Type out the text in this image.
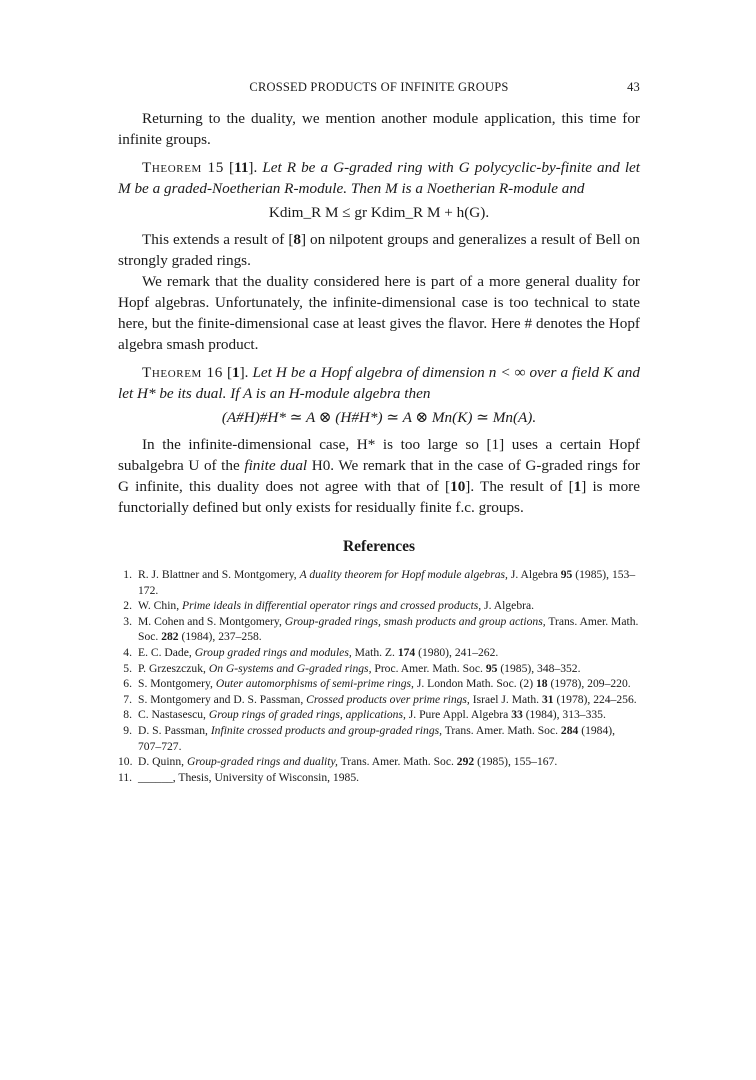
CROSSED PRODUCTS OF INFINITE GROUPS	43

Returning to the duality, we mention another module application, this time for infinite groups.

Theorem 15 [11]. Let R be a G-graded ring with G polycyclic-by-finite and let M be a graded-Noetherian R-module. Then M is a Noetherian R-module and

Kdim_R M ≤ gr Kdim_R M + h(G).

This extends a result of [8] on nilpotent groups and generalizes a result of Bell on strongly graded rings.

We remark that the duality considered here is part of a more general duality for Hopf algebras. Unfortunately, the infinite-dimensional case is too technical to state here, but the finite-dimensional case at least gives the flavor. Here # denotes the Hopf algebra smash product.

Theorem 16 [1]. Let H be a Hopf algebra of dimension n < ∞ over a field K and let H* be its dual. If A is an H-module algebra then

(A#H)#H* ≃ A ⊗ (H#H*) ≃ A ⊗ Mn(K) ≃ Mn(A).

In the infinite-dimensional case, H* is too large so [1] uses a certain Hopf subalgebra U of the finite dual H0. We remark that in the case of G-graded rings for G infinite, this duality does not agree with that of [10]. The result of [1] is more functorially defined but only exists for residually finite f.c. groups.

References
1. R. J. Blattner and S. Montgomery, A duality theorem for Hopf module algebras, J. Algebra 95 (1985), 153–172.
2. W. Chin, Prime ideals in differential operator rings and crossed products, J. Algebra.
3. M. Cohen and S. Montgomery, Group-graded rings, smash products and group actions, Trans. Amer. Math. Soc. 282 (1984), 237–258.
4. E. C. Dade, Group graded rings and modules, Math. Z. 174 (1980), 241–262.
5. P. Grzeszczuk, On G-systems and G-graded rings, Proc. Amer. Math. Soc. 95 (1985), 348–352.
6. S. Montgomery, Outer automorphisms of semi-prime rings, J. London Math. Soc. (2) 18 (1978), 209–220.
7. S. Montgomery and D. S. Passman, Crossed products over prime rings, Israel J. Math. 31 (1978), 224–256.
8. C. Nastasescu, Group rings of graded rings, applications, J. Pure Appl. Algebra 33 (1984), 313–335.
9. D. S. Passman, Infinite crossed products and group-graded rings, Trans. Amer. Math. Soc. 284 (1984), 707–727.
10. D. Quinn, Group-graded rings and duality, Trans. Amer. Math. Soc. 292 (1985), 155–167.
11. ______, Thesis, University of Wisconsin, 1985.
